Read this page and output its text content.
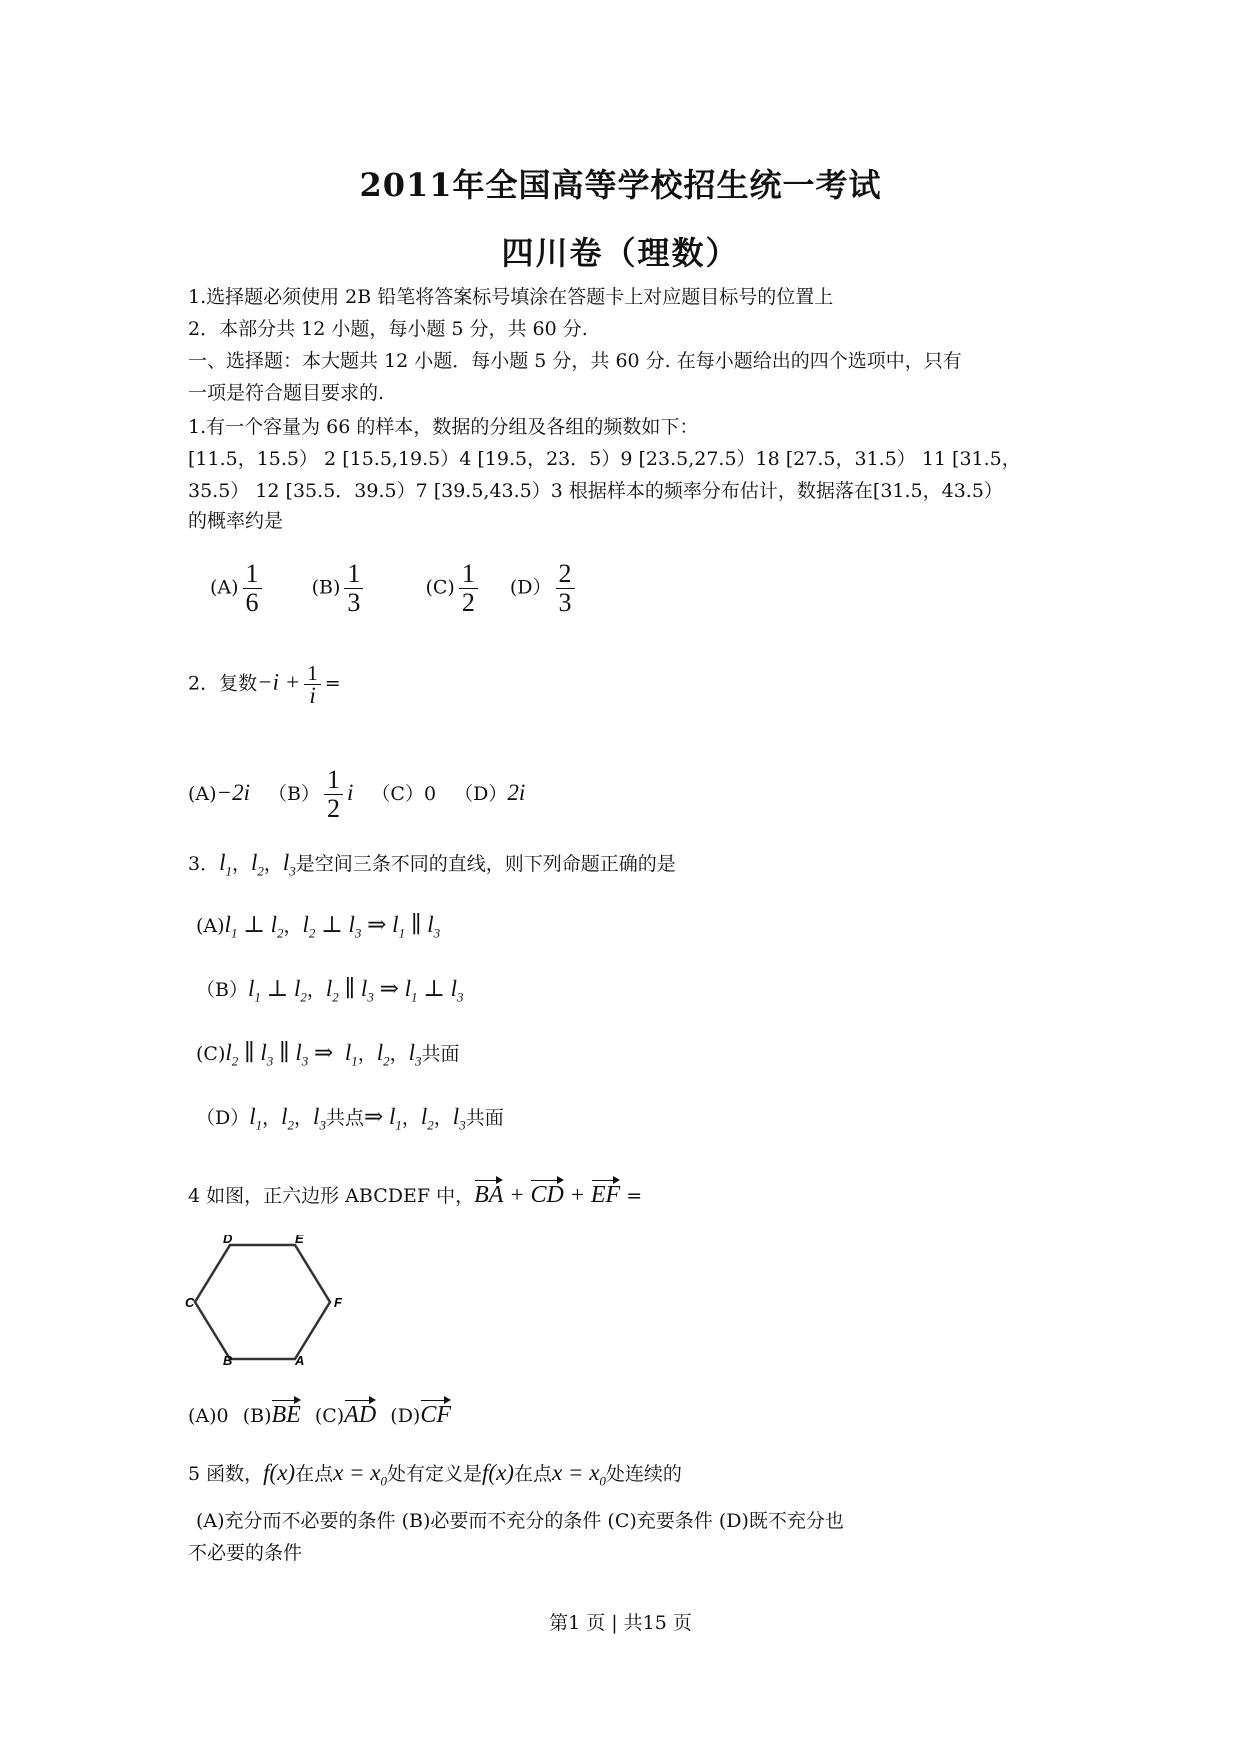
2011年全国高等学校招生统一考试
四川卷（理数）
1.选择题必须使用 2B 铅笔将答案标号填涂在答题卡上对应题目标号的位置上
2．本部分共 12 小题，每小题 5 分，共 60 分.
一、选择题：本大题共 12 小题．每小题 5 分，共 60 分. 在每小题给出的四个选项中，只有
一项是符合题目要求的.
1.有一个容量为 66 的样本，数据的分组及各组的频数如下：
[11.5，15.5） 2 [15.5,19.5）4 [19.5，23．5）9 [23.5,27.5）18 [27.5，31.5） 11 [31.5，
35.5） 12 [35.5．39.5）7 [39.5,43.5）3 根据样本的频率分布估计，数据落在[31.5，43.5）
的概率约是
$(A) \frac{1}{6}$	$(B) \frac{1}{3}$	$(C) \frac{1}{2} (D) \frac{2}{3}$
2．复数$-i + \frac{1}{i}$ =
(A)−2i $(B) \frac{1}{2}$ i （C）0 （D）2i
3．$l_1$，$l_2$，$l_3$是空间三条不同的直线，则下列命题正确的是
$(A)l_1$ ⊥ $l_2$，$l_2$ ⊥ $l_3$ ⇒ $l_1$ ∥ $l_3$
$(B)l_1$ ⊥ $l_2$，$l_2$ ∥ $l_3$ ⇒ $l_1$ ⊥ $l_3$
$(C)l_2$ ∥ $l_3$ ∥ $l_3$ ⇒  $l_1$，$l_2$，$l_3$共面
$(D)l_1$，$l_2$，$l_3$共点⇒ $l_1$，$l_2$，$l_3$共面
4 如图，正六边形 ABCDEF 中，BA + CD + EF =
D	E
F
C
B	A
(A)0 (B)BE (C)AD (D)CF
5 函数，f(x)在点$x = x_0$处有定义是f(x)在点$x = x_0$处连续的
(A)充分而不必要的条件 (B)必要而不充分的条件 (C)充要条件 (D)既不充分也
不必要的条件
第1 页 | 共15 页
